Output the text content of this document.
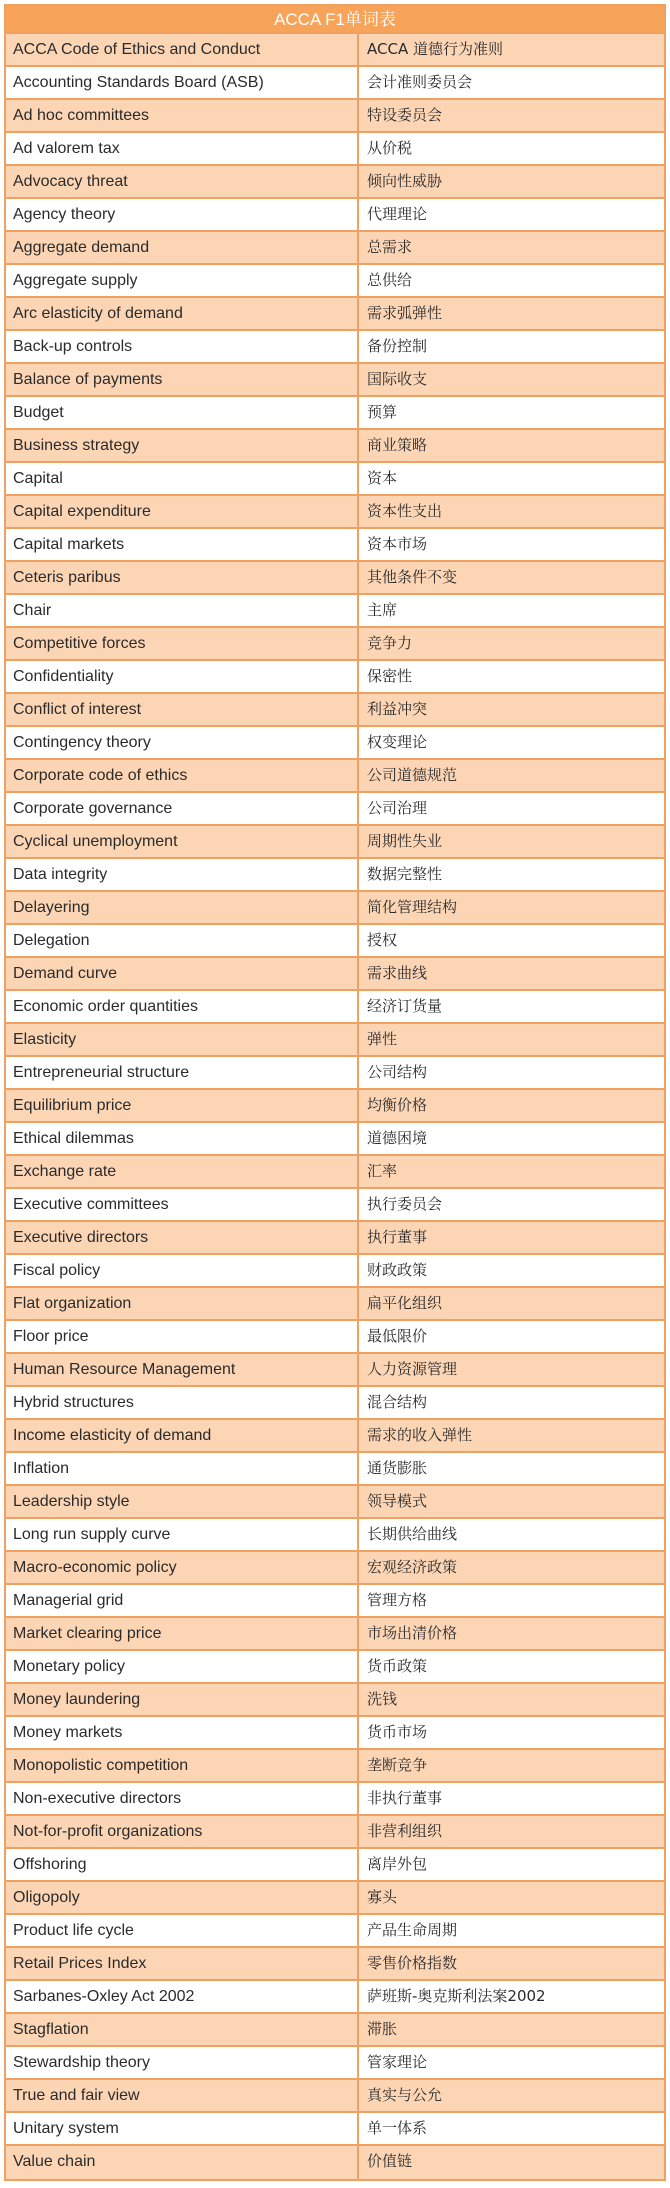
ACCA F1单词表
ACCA Code of Ethics and Conduct	ACCA 道德行为准则
Accounting Standards Board (ASB)	会计准则委员会
Ad hoc committees	特设委员会
Ad valorem tax	从价税
Advocacy threat	倾向性威胁
Agency theory	代理理论
Aggregate demand	总需求
Aggregate supply	总供给
Arc elasticity of demand	需求弧弹性
Back-up controls	备份控制
Balance of payments	国际收支
Budget	预算
Business strategy	商业策略
Capital	资本
Capital expenditure	资本性支出
Capital markets	资本市场
Ceteris paribus	其他条件不变
Chair	主席
Competitive forces	竞争力
Confidentiality	保密性
Conflict of interest	利益冲突
Contingency theory	权变理论
Corporate code of ethics	公司道德规范
Corporate governance	公司治理
Cyclical unemployment	周期性失业
Data integrity	数据完整性
Delayering	简化管理结构
Delegation	授权
Demand curve	需求曲线
Economic order quantities	经济订货量
Elasticity	弹性
Entrepreneurial structure	公司结构
Equilibrium price	均衡价格
Ethical dilemmas	道德困境
Exchange rate	汇率
Executive committees	执行委员会
Executive directors	执行董事
Fiscal policy	财政政策
Flat organization	扁平化组织
Floor price	最低限价
Human Resource Management	人力资源管理
Hybrid structures	混合结构
Income elasticity of demand	需求的收入弹性
Inflation	通货膨胀
Leadership style	领导模式
Long run supply curve	长期供给曲线
Macro-economic policy	宏观经济政策
Managerial grid	管理方格
Market clearing price	市场出清价格
Monetary policy	货币政策
Money laundering	洗钱
Money markets	货币市场
Monopolistic competition	垄断竞争
Non-executive directors	非执行董事
Not-for-profit organizations	非营利组织
Offshoring	离岸外包
Oligopoly	寡头
Product life cycle	产品生命周期
Retail Prices Index	零售价格指数
Sarbanes-Oxley Act 2002	萨班斯-奥克斯利法案2002
Stagflation	滞胀
Stewardship theory	管家理论
True and fair view	真实与公允
Unitary system	单一体系
Value chain	价值链
